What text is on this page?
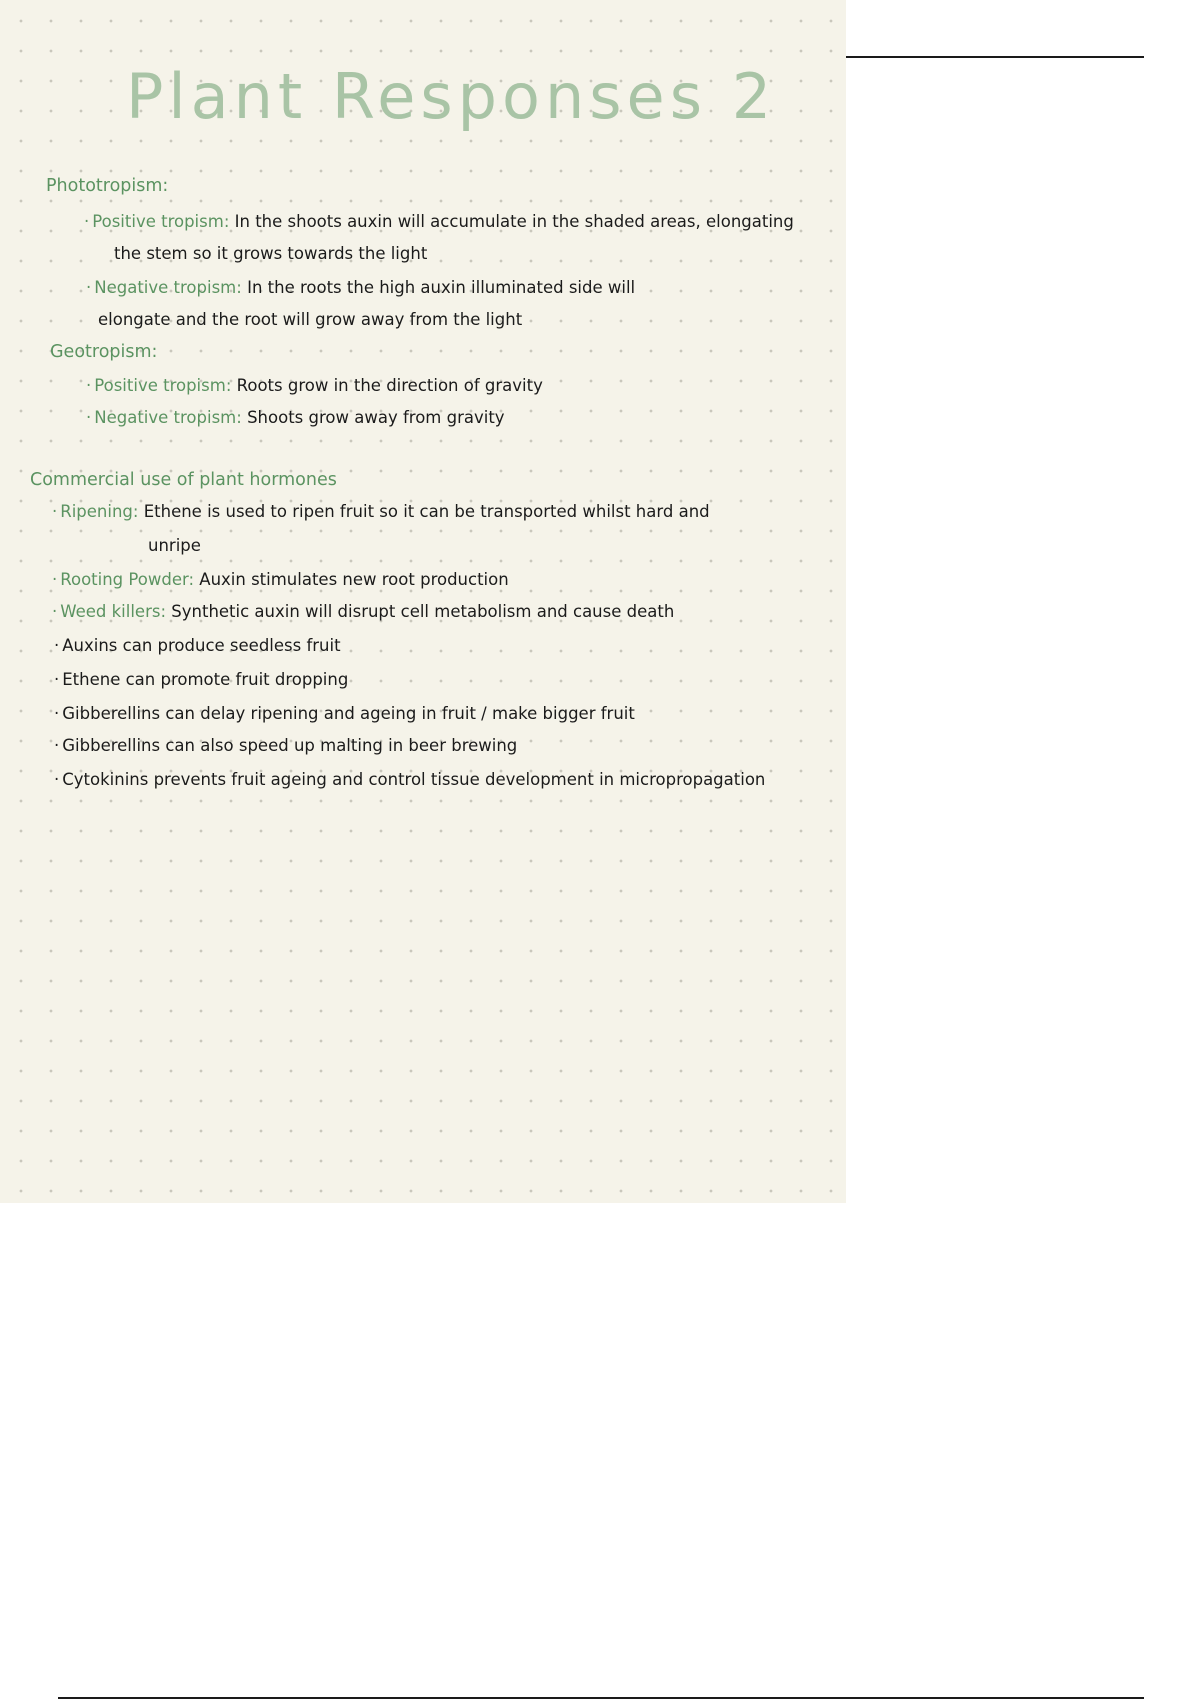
Plant Responses 2
Phototropism:
· Positive tropism: In the shoots auxin will accumulate in the shaded areas, elongating
the stem so it grows towards the light
· Negative tropism: In the roots the high auxin illuminated side will
elongate and the root will grow away from the light
Geotropism:
· Positive tropism: Roots grow in the direction of gravity
· Negative tropism: Shoots grow away from gravity
Commercial use of plant hormones
· Ripening: Ethene is used to ripen fruit so it can be transported whilst hard and
unripe
· Rooting Powder: Auxin stimulates new root production
· Weed killers: Synthetic auxin will disrupt cell metabolism and cause death
· Auxins can produce seedless fruit
· Ethene can promote fruit dropping
· Gibberellins can delay ripening and ageing in fruit / make bigger fruit
· Gibberellins can also speed up malting in beer brewing
· Cytokinins prevents fruit ageing and control tissue development in micropropagation
